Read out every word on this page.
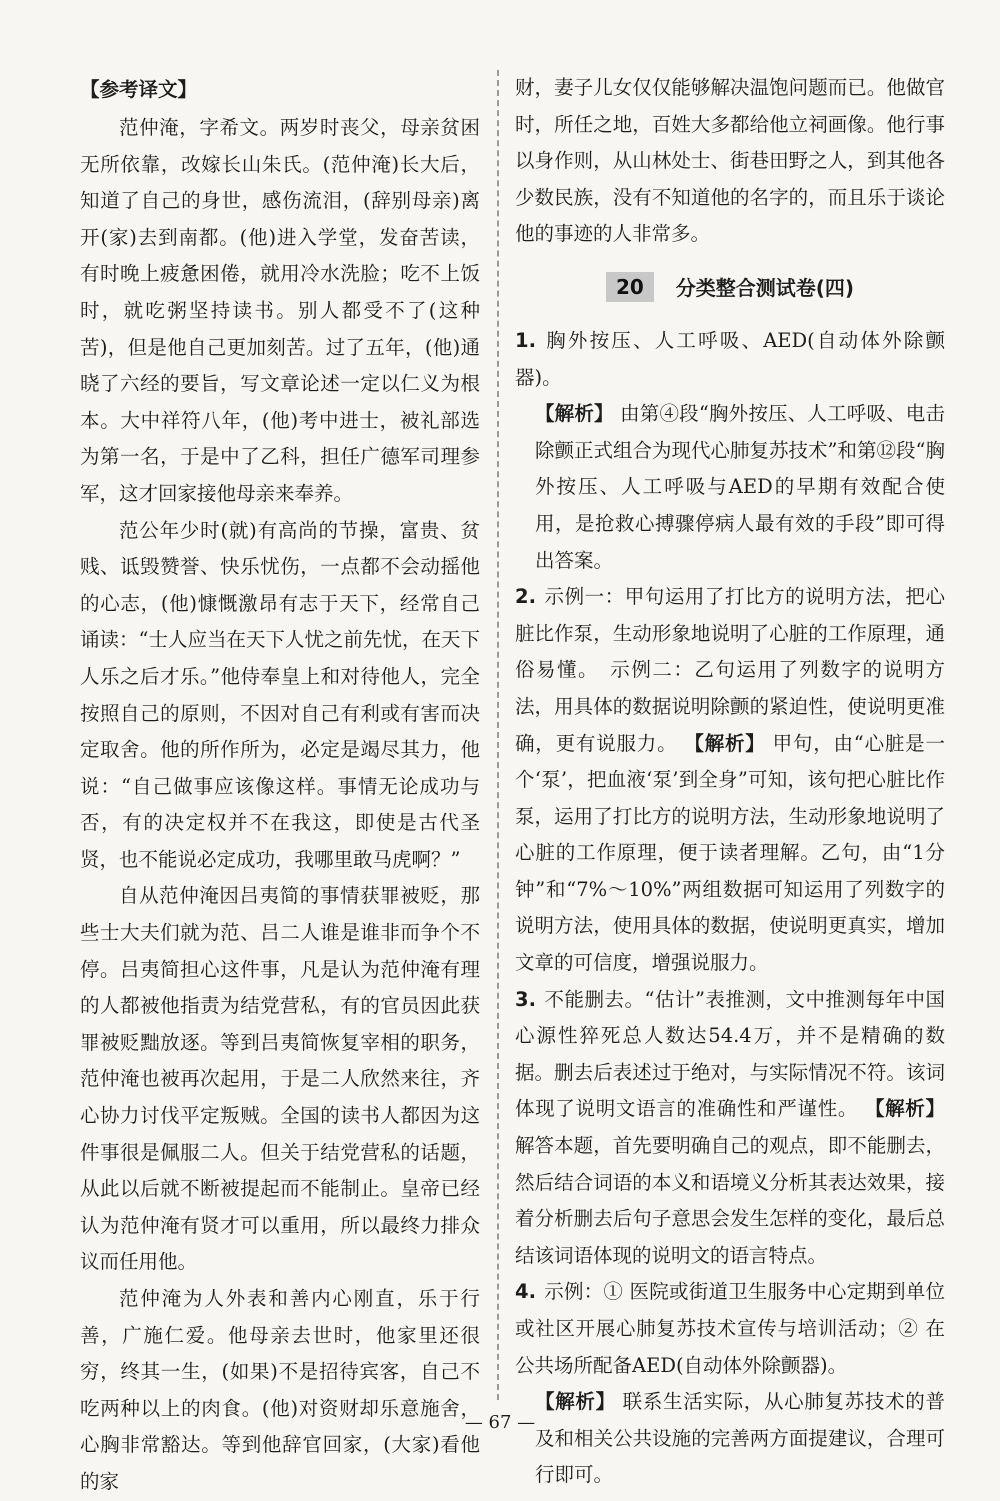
【参考译文】

范仲淹，字希文。两岁时丧父，母亲贫困无所依靠，改嫁长山朱氏。(范仲淹)长大后，知道了自己的身世，感伤流泪，(辞别母亲)离开(家)去到南都。(他)进入学堂，发奋苦读，有时晚上疲惫困倦，就用冷水洗脸；吃不上饭时，就吃粥坚持读书。别人都受不了(这种苦)，但是他自己更加刻苦。过了五年，(他)通晓了六经的要旨，写文章论述一定以仁义为根本。大中祥符八年，(他)考中进士，被礼部选为第一名，于是中了乙科，担任广德军司理参军，这才回家接他母亲来奉养。

范公年少时(就)有高尚的节操，富贵、贫贱、诋毁赞誉、快乐忧伤，一点都不会动摇他的心志，(他)慷慨激昂有志于天下，经常自己诵读：“士人应当在天下人忧之前先忧，在天下人乐之后才乐。”他侍奉皇上和对待他人，完全按照自己的原则，不因对自己有利或有害而决定取舍。他的所作所为，必定是竭尽其力，他说：“自己做事应该像这样。事情无论成功与否，有的决定权并不在我这，即使是古代圣贤，也不能说必定成功，我哪里敢马虎啊？”

自从范仲淹因吕夷简的事情获罪被贬，那些士大夫们就为范、吕二人谁是谁非而争个不停。吕夷简担心这件事，凡是认为范仲淹有理的人都被他指责为结党营私，有的官员因此获罪被贬黜放逐。等到吕夷简恢复宰相的职务，范仲淹也被再次起用，于是二人欣然来往，齐心协力讨伐平定叛贼。全国的读书人都因为这件事很是佩服二人。但关于结党营私的话题，从此以后就不断被提起而不能制止。皇帝已经认为范仲淹有贤才可以重用，所以最终力排众议而任用他。

范仲淹为人外表和善内心刚直，乐于行善，广施仁爱。他母亲去世时，他家里还很穷，终其一生，(如果)不是招待宾客，自己不吃两种以上的肉食。(他)对资财却乐意施舍，心胸非常豁达。等到他辞官回家，(大家)看他的家

财，妻子儿女仅仅能够解决温饱问题而已。他做官时，所任之地，百姓大多都给他立祠画像。他行事以身作则，从山林处士、街巷田野之人，到其他各少数民族，没有不知道他的名字的，而且乐于谈论他的事迹的人非常多。

20	分类整合测试卷(四)

1. 胸外按压、人工呼吸、AED(自动体外除颤器)。

【解析】 由第④段“胸外按压、人工呼吸、电击除颤正式组合为现代心肺复苏技术”和第⑫段“胸外按压、人工呼吸与AED的早期有效配合使用，是抢救心搏骤停病人最有效的手段”即可得出答案。

2. 示例一：甲句运用了打比方的说明方法，把心脏比作泵，生动形象地说明了心脏的工作原理，通俗易懂。　示例二：乙句运用了列数字的说明方法，用具体的数据说明除颤的紧迫性，使说明更准确，更有说服力。 【解析】 甲句，由“心脏是一个‘泵’，把血液‘泵’到全身”可知，该句把心脏比作泵，运用了打比方的说明方法，生动形象地说明了心脏的工作原理，便于读者理解。乙句，由“1分钟”和“7%～10%”两组数据可知运用了列数字的说明方法，使用具体的数据，使说明更真实，增加文章的可信度，增强说服力。

3. 不能删去。“估计”表推测，文中推测每年中国心源性猝死总人数达54.4万，并不是精确的数据。删去后表述过于绝对，与实际情况不符。该词体现了说明文语言的准确性和严谨性。 【解析】 解答本题，首先要明确自己的观点，即不能删去，然后结合词语的本义和语境义分析其表达效果，接着分析删去后句子意思会发生怎样的变化，最后总结该词语体现的说明文的语言特点。

4. 示例：① 医院或街道卫生服务中心定期到单位或社区开展心肺复苏技术宣传与培训活动；② 在公共场所配备AED(自动体外除颤器)。

【解析】 联系生活实际，从心肺复苏技术的普及和相关公共设施的完善两方面提建议，合理可行即可。

— 67 —
